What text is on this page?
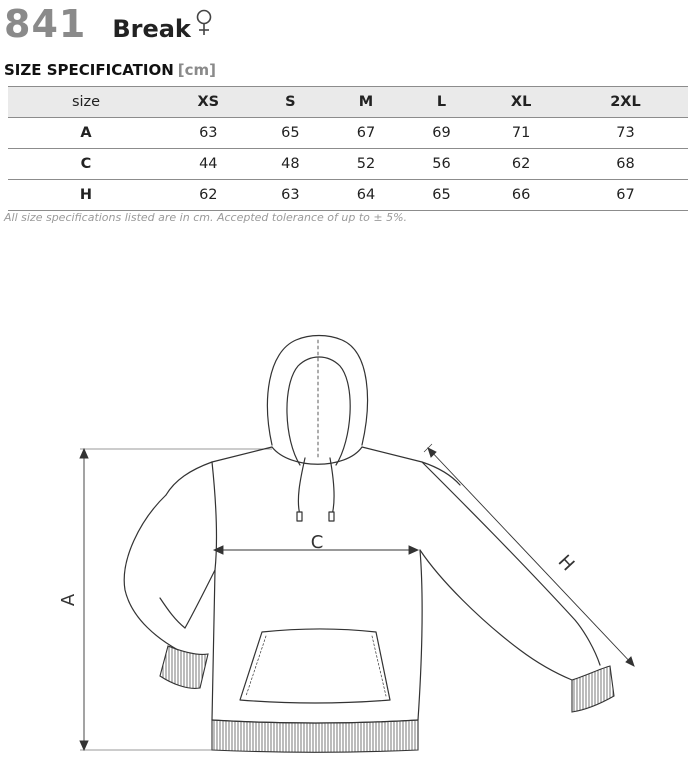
841 Break
SIZE SPECIFICATION [cm]
size	XS	S	M	L	XL	2XL
A	63	65	67	69	71	73
C	44	48	52	56	62	68
H	62	63	64	65	66	67
All size specifications listed are in cm. Accepted tolerance of up to ± 5%.
A
C
H
